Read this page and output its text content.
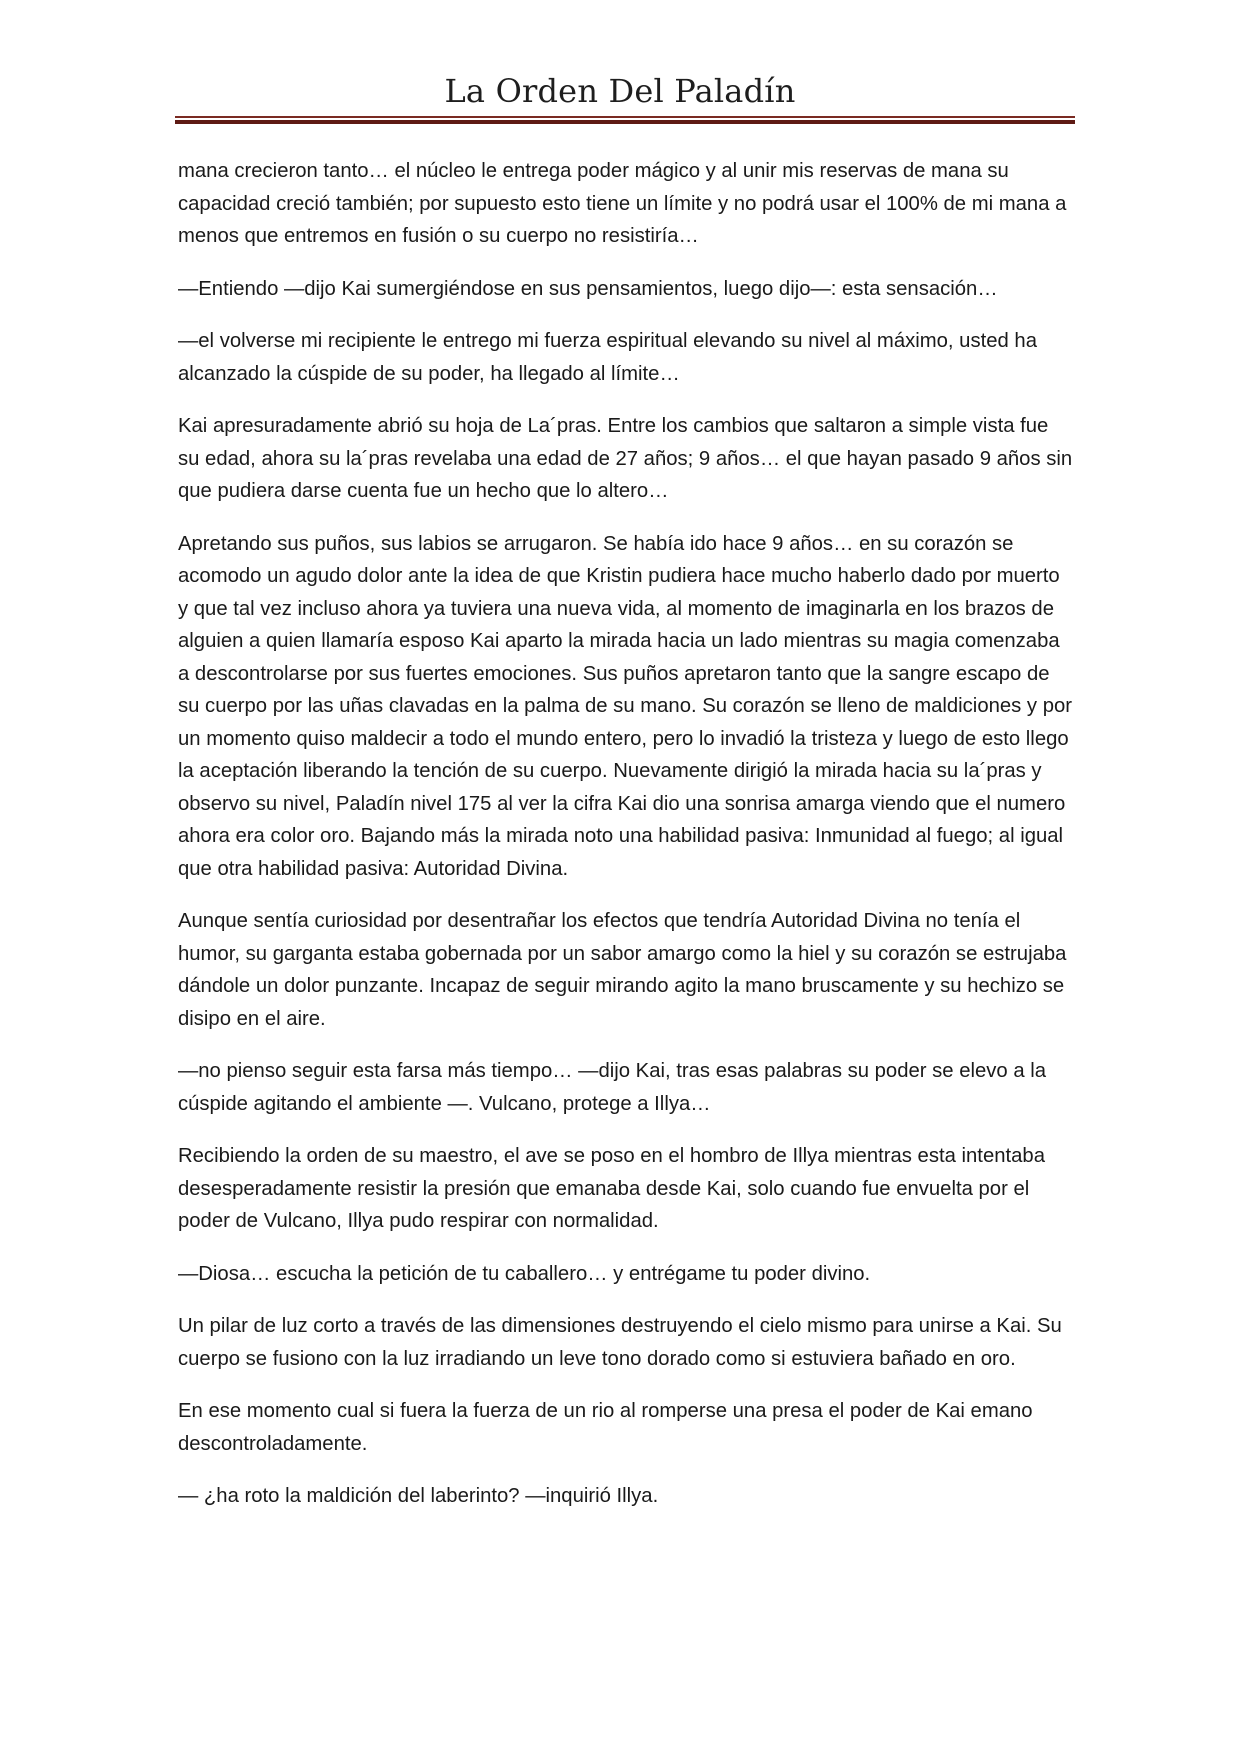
La Orden Del Paladín

mana crecieron tanto… el núcleo le entrega poder mágico y al unir mis reservas de mana su capacidad creció también; por supuesto esto tiene un límite y no podrá usar el 100% de mi mana a menos que entremos en fusión o su cuerpo no resistiría…

—Entiendo —dijo Kai sumergiéndose en sus pensamientos, luego dijo—: esta sensación…

—el volverse mi recipiente le entrego mi fuerza espiritual elevando su nivel al máximo, usted ha alcanzado la cúspide de su poder, ha llegado al límite…

Kai apresuradamente abrió su hoja de La´pras. Entre los cambios que saltaron a simple vista fue su edad, ahora su la´pras revelaba una edad de 27 años; 9 años… el que hayan pasado 9 años sin que pudiera darse cuenta fue un hecho que lo altero…

Apretando sus puños, sus labios se arrugaron. Se había ido hace 9 años… en su corazón se acomodo un agudo dolor ante la idea de que Kristin pudiera hace mucho haberlo dado por muerto y que tal vez incluso ahora ya tuviera una nueva vida, al momento de imaginarla en los brazos de alguien a quien llamaría esposo Kai aparto la mirada hacia un lado mientras su magia comenzaba a descontrolarse por sus fuertes emociones. Sus puños apretaron tanto que la sangre escapo de su cuerpo por las uñas clavadas en la palma de su mano. Su corazón se lleno de maldiciones y por un momento quiso maldecir a todo el mundo entero, pero lo invadió la tristeza y luego de esto llego la aceptación liberando la tención de su cuerpo. Nuevamente dirigió la mirada hacia su la´pras y observo su nivel, Paladín nivel 175 al ver la cifra Kai dio una sonrisa amarga viendo que el numero ahora era color oro. Bajando más la mirada noto una habilidad pasiva: Inmunidad al fuego; al igual que otra habilidad pasiva: Autoridad Divina.

Aunque sentía curiosidad por desentrañar los efectos que tendría Autoridad Divina no tenía el humor, su garganta estaba gobernada por un sabor amargo como la hiel y su corazón se estrujaba dándole un dolor punzante. Incapaz de seguir mirando agito la mano bruscamente y su hechizo se disipo en el aire.

—no pienso seguir esta farsa más tiempo… —dijo Kai, tras esas palabras su poder se elevo a la cúspide agitando el ambiente —. Vulcano, protege a Illya…

Recibiendo la orden de su maestro, el ave se poso en el hombro de Illya mientras esta intentaba desesperadamente resistir la presión que emanaba desde Kai, solo cuando fue envuelta por el poder de Vulcano, Illya pudo respirar con normalidad.

—Diosa… escucha la petición de tu caballero… y entrégame tu poder divino.

Un pilar de luz corto a través de las dimensiones destruyendo el cielo mismo para unirse a Kai. Su cuerpo se fusiono con la luz irradiando un leve tono dorado como si estuviera bañado en oro.

En ese momento cual si fuera la fuerza de un rio al romperse una presa el poder de Kai emano descontroladamente.

— ¿ha roto la maldición del laberinto? —inquirió Illya.
